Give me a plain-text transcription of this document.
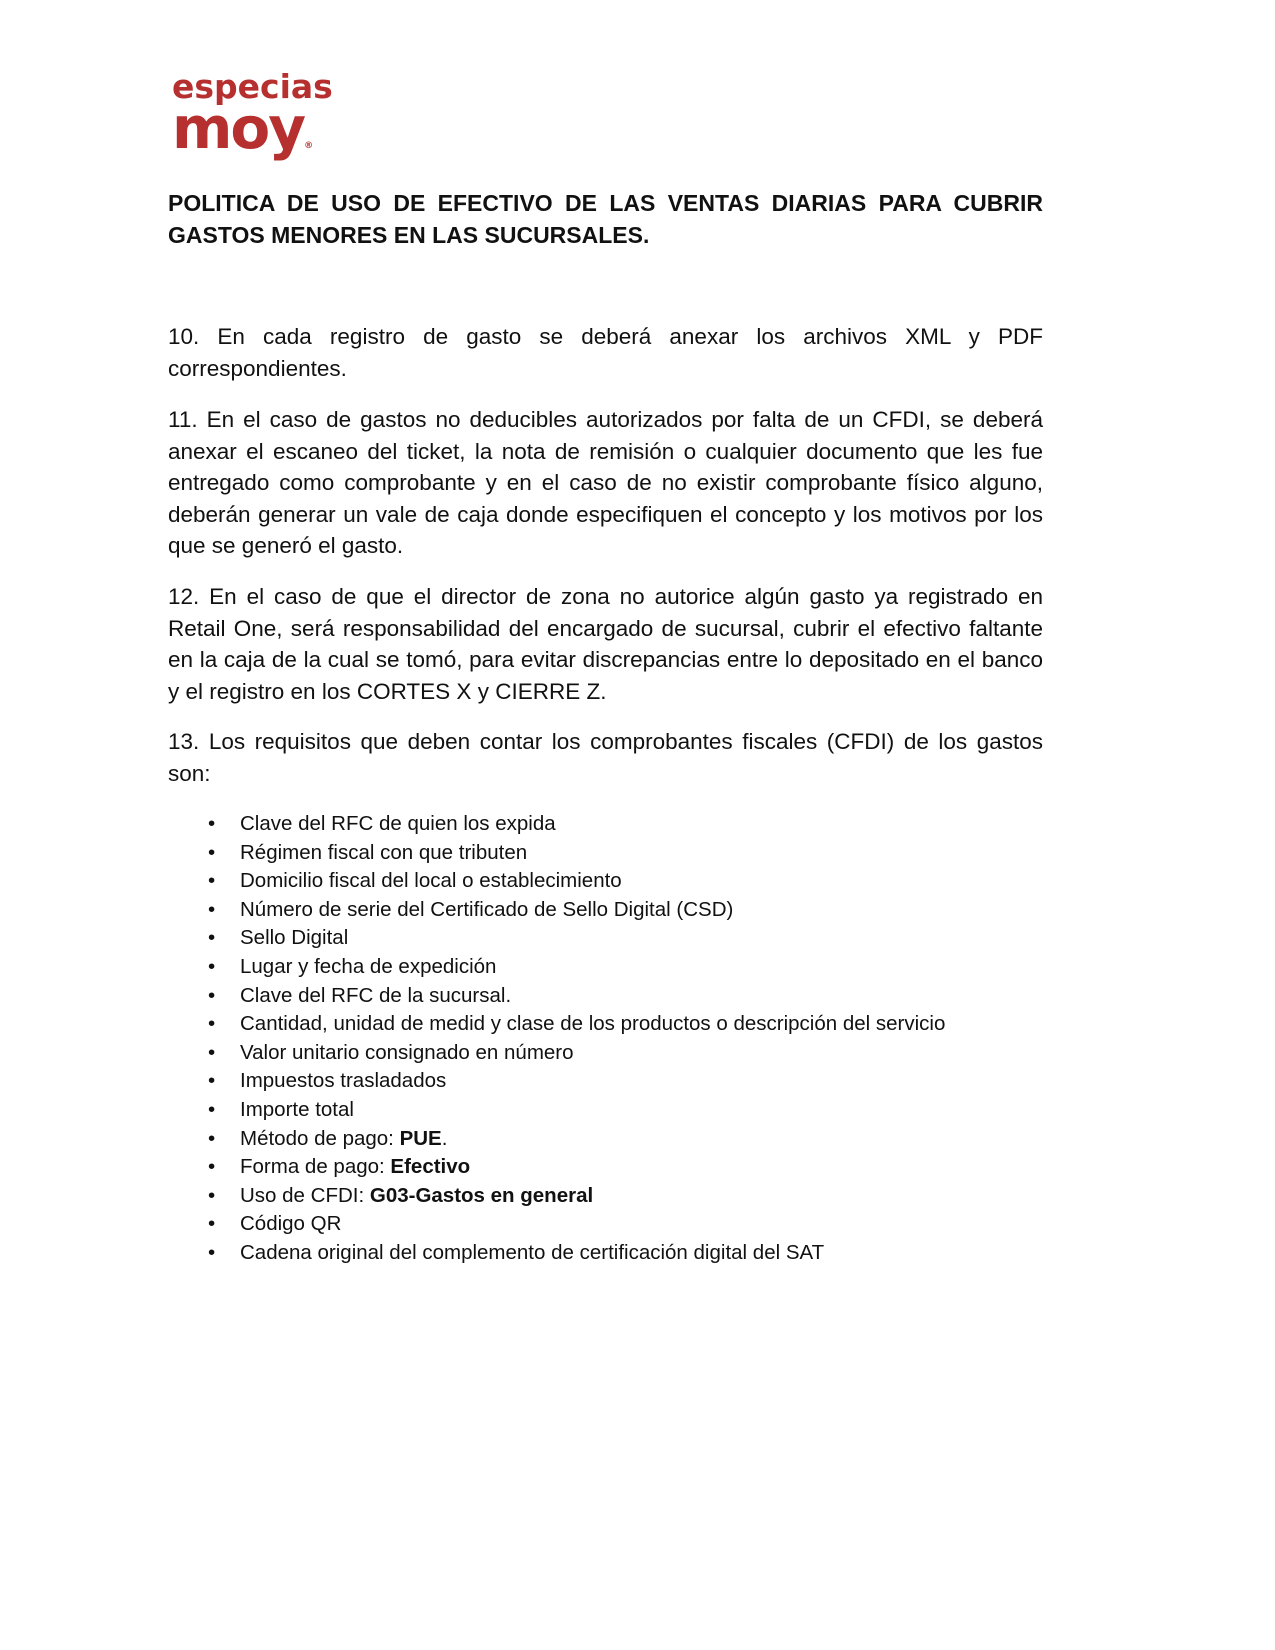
especias
moy®
POLITICA DE USO DE EFECTIVO DE LAS VENTAS DIARIAS PARA CUBRIR GASTOS MENORES EN LAS SUCURSALES.
10. En cada registro de gasto se deberá anexar los archivos XML y PDF correspondientes.
11. En el caso de gastos no deducibles autorizados por falta de un CFDI, se deberá anexar el escaneo del ticket, la nota de remisión o cualquier documento que les fue entregado como comprobante y en el caso de no existir comprobante físico alguno, deberán generar un vale de caja donde especifiquen el concepto y los motivos por los que se generó el gasto.
12. En el caso de que el director de zona no autorice algún gasto ya registrado en Retail One, será responsabilidad del encargado de sucursal, cubrir el efectivo faltante en la caja de la cual se tomó, para evitar discrepancias entre lo depositado en el banco y el registro en los CORTES X y CIERRE Z.
13. Los requisitos que deben contar los comprobantes fiscales (CFDI) de los gastos son:
• Clave del RFC de quien los expida
• Régimen fiscal con que tributen
• Domicilio fiscal del local o establecimiento
• Número de serie del Certificado de Sello Digital (CSD)
• Sello Digital
• Lugar y fecha de expedición
• Clave del RFC de la sucursal.
• Cantidad, unidad de medid y clase de los productos o descripción del servicio
• Valor unitario consignado en número
• Impuestos trasladados
• Importe total
• Método de pago: PUE.
• Forma de pago: Efectivo
• Uso de CFDI: G03-Gastos en general
• Código QR
• Cadena original del complemento de certificación digital del SAT
